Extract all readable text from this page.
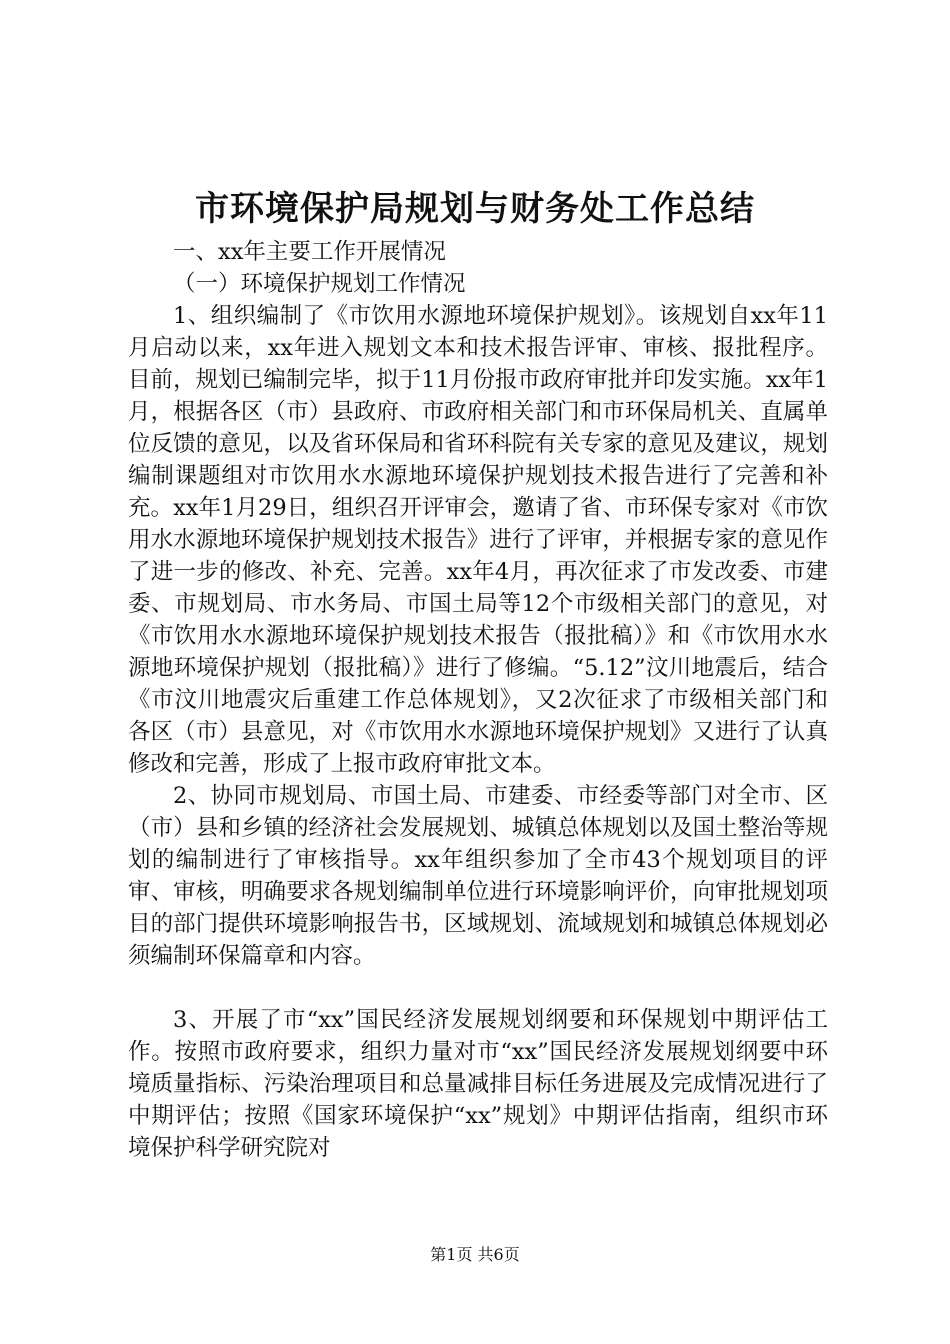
市环境保护局规划与财务处工作总结

一、xx年主要工作开展情况

（一）环境保护规划工作情况

1、组织编制了《市饮用水源地环境保护规划》。该规划自xx年11月启动以来，xx年进入规划文本和技术报告评审、审核、报批程序。目前，规划已编制完毕，拟于11月份报市政府审批并印发实施。xx年1月，根据各区（市）县政府、市政府相关部门和市环保局机关、直属单位反馈的意见，以及省环保局和省环科院有关专家的意见及建议，规划编制课题组对市饮用水水源地环境保护规划技术报告进行了完善和补充。xx年1月29日，组织召开评审会，邀请了省、市环保专家对《市饮用水水源地环境保护规划技术报告》进行了评审，并根据专家的意见作了进一步的修改、补充、完善。xx年4月，再次征求了市发改委、市建委、市规划局、市水务局、市国土局等12个市级相关部门的意见，对《市饮用水水源地环境保护规划技术报告（报批稿）》和《市饮用水水源地环境保护规划（报批稿）》进行了修编。“5.12”汶川地震后，结合《市汶川地震灾后重建工作总体规划》，又2次征求了市级相关部门和各区（市）县意见，对《市饮用水水源地环境保护规划》又进行了认真修改和完善，形成了上报市政府审批文本。

2、协同市规划局、市国土局、市建委、市经委等部门对全市、区（市）县和乡镇的经济社会发展规划、城镇总体规划以及国土整治等规划的编制进行了审核指导。xx年组织参加了全市43个规划项目的评审、审核，明确要求各规划编制单位进行环境影响评价，向审批规划项目的部门提供环境影响报告书，区域规划、流域规划和城镇总体规划必须编制环保篇章和内容。

3、开展了市“xx”国民经济发展规划纲要和环保规划中期评估工作。按照市政府要求，组织力量对市“xx”国民经济发展规划纲要中环境质量指标、污染治理项目和总量减排目标任务进展及完成情况进行了中期评估；按照《国家环境保护“xx”规划》中期评估指南，组织市环境保护科学研究院对

第1页 共6页
